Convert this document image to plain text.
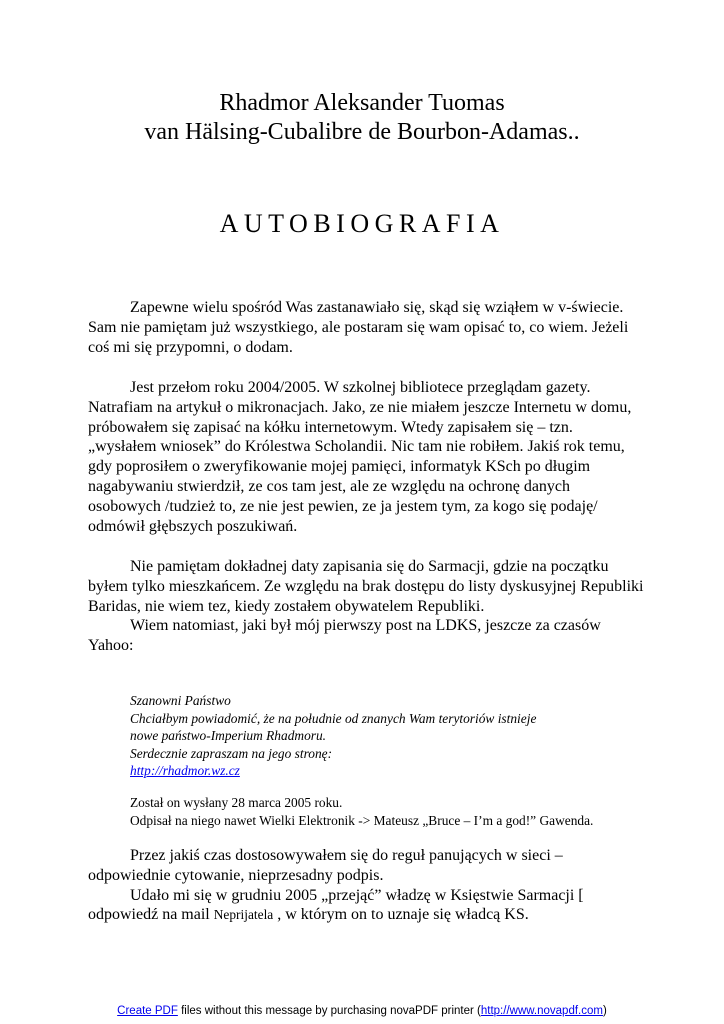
Rhadmor Aleksander Tuomas
van Hälsing-Cubalibre de Bourbon-Adamas..
AUTOBIOGRAFIA

Zapewne wielu spośród Was zastanawiało się, skąd się wziąłem w v-świecie. Sam nie pamiętam już wszystkiego, ale postaram się wam opisać to, co wiem. Jeżeli coś mi się przypomni, o dodam.

Jest przełom roku 2004/2005. W szkolnej bibliotece przeglądam gazety. Natrafiam na artykuł o mikronacjach. Jako, ze nie miałem jeszcze Internetu w domu, próbowałem się zapisać na kółku internetowym. Wtedy zapisałem się – tzn. „wysłałem wniosek” do Królestwa Scholandii. Nic tam nie robiłem. Jakiś rok temu, gdy poprosiłem o zweryfikowanie mojej pamięci, informatyk KSch po długim nagabywaniu stwierdził, ze cos tam jest, ale ze względu na ochronę danych osobowych /tudzież to, ze nie jest pewien, ze ja jestem tym, za kogo się podaję/ odmówił głębszych poszukiwań.

Nie pamiętam dokładnej daty zapisania się do Sarmacji, gdzie na początku byłem tylko mieszkańcem. Ze względu na brak dostępu do listy dyskusyjnej Republiki Baridas, nie wiem tez, kiedy zostałem obywatelem Republiki.

Wiem natomiast, jaki był mój pierwszy post na LDKS, jeszcze za czasów Yahoo:

Szanowni Państwo
Chciałbym powiadomić, że na południe od znanych Wam terytoriów istnieje
nowe państwo-Imperium Rhadmoru.
Serdecznie zapraszam na jego stronę:
http://rhadmor.wz.cz
Został on wysłany 28 marca 2005 roku.
Odpisał na niego nawet Wielki Elektronik -> Mateusz „Bruce – I’m a god!” Gawenda.

Przez jakiś czas dostosowywałem się do reguł panujących w sieci – odpowiednie cytowanie, nieprzesadny podpis.

Udało mi się w grudniu 2005 „przejąć” władzę w Księstwie Sarmacji [ odpowiedź na mail Neprijatela , w którym on to uznaje się władcą KS.

Create PDF files without this message by purchasing novaPDF printer (http://www.novapdf.com)
